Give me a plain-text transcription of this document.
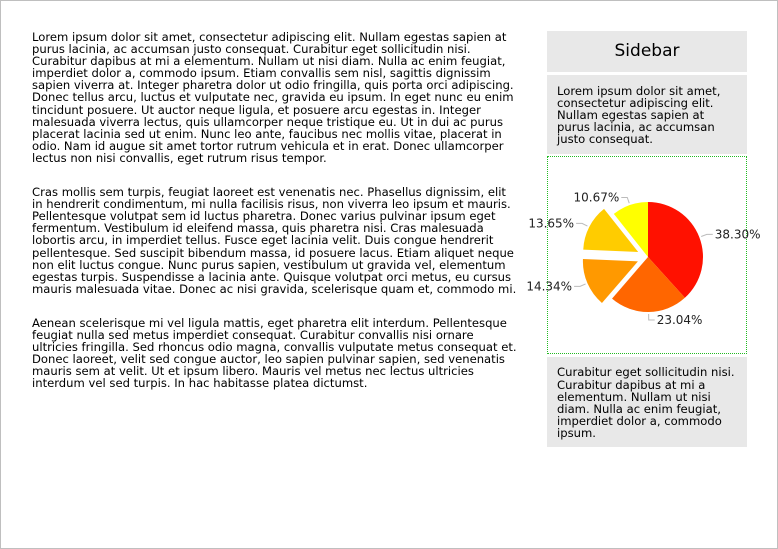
Lorem ipsum dolor sit amet, consectetur adipiscing elit. Nullam egestas sapien at purus lacinia, ac accumsan justo consequat. Curabitur eget sollicitudin nisi. Curabitur dapibus at mi a elementum. Nullam ut nisi diam. Nulla ac enim feugiat, imperdiet dolor a, commodo ipsum. Etiam convallis sem nisl, sagittis dignissim sapien viverra at. Integer pharetra dolor ut odio fringilla, quis porta orci adipiscing. Donec tellus arcu, luctus et vulputate nec, gravida eu ipsum. In eget nunc eu enim tincidunt posuere. Ut auctor neque ligula, et posuere arcu egestas in. Integer malesuada viverra lectus, quis ullamcorper neque tristique eu. Ut in dui ac purus placerat lacinia sed ut enim. Nunc leo ante, faucibus nec mollis vitae, placerat in odio. Nam id augue sit amet tortor rutrum vehicula et in erat. Donec ullamcorper lectus non nisi convallis, eget rutrum risus tempor.

Cras mollis sem turpis, feugiat laoreet est venenatis nec. Phasellus dignissim, elit in hendrerit condimentum, mi nulla facilisis risus, non viverra leo ipsum et mauris. Pellentesque volutpat sem id luctus pharetra. Donec varius pulvinar ipsum eget fermentum. Vestibulum id eleifend massa, quis pharetra nisi. Cras malesuada lobortis arcu, in imperdiet tellus. Fusce eget lacinia velit. Duis congue hendrerit pellentesque. Sed suscipit bibendum massa, id posuere lacus. Etiam aliquet neque non elit luctus congue. Nunc purus sapien, vestibulum ut gravida vel, elementum egestas turpis. Suspendisse a lacinia ante. Quisque volutpat orci metus, eu cursus mauris malesuada vitae. Donec ac nisi gravida, scelerisque quam et, commodo mi.

Aenean scelerisque mi vel ligula mattis, eget pharetra elit interdum. Pellentesque feugiat nulla sed metus imperdiet consequat. Curabitur convallis nisi ornare ultricies fringilla. Sed rhoncus odio magna, convallis vulputate metus consequat et. Donec laoreet, velit sed congue auctor, leo sapien pulvinar sapien, sed venenatis mauris sem at velit. Ut et ipsum libero. Mauris vel metus nec lectus ultricies interdum vel sed turpis. In hac habitasse platea dictumst.

Sidebar
Lorem ipsum dolor sit amet, consectetur adipiscing elit. Nullam egestas sapien at purus lacinia, ac accumsan justo consequat.
38.30%
23.04%
14.34%
13.65%
10.67%
Curabitur eget sollicitudin nisi. Curabitur dapibus at mi a elementum. Nullam ut nisi diam. Nulla ac enim feugiat, imperdiet dolor a, commodo ipsum.
